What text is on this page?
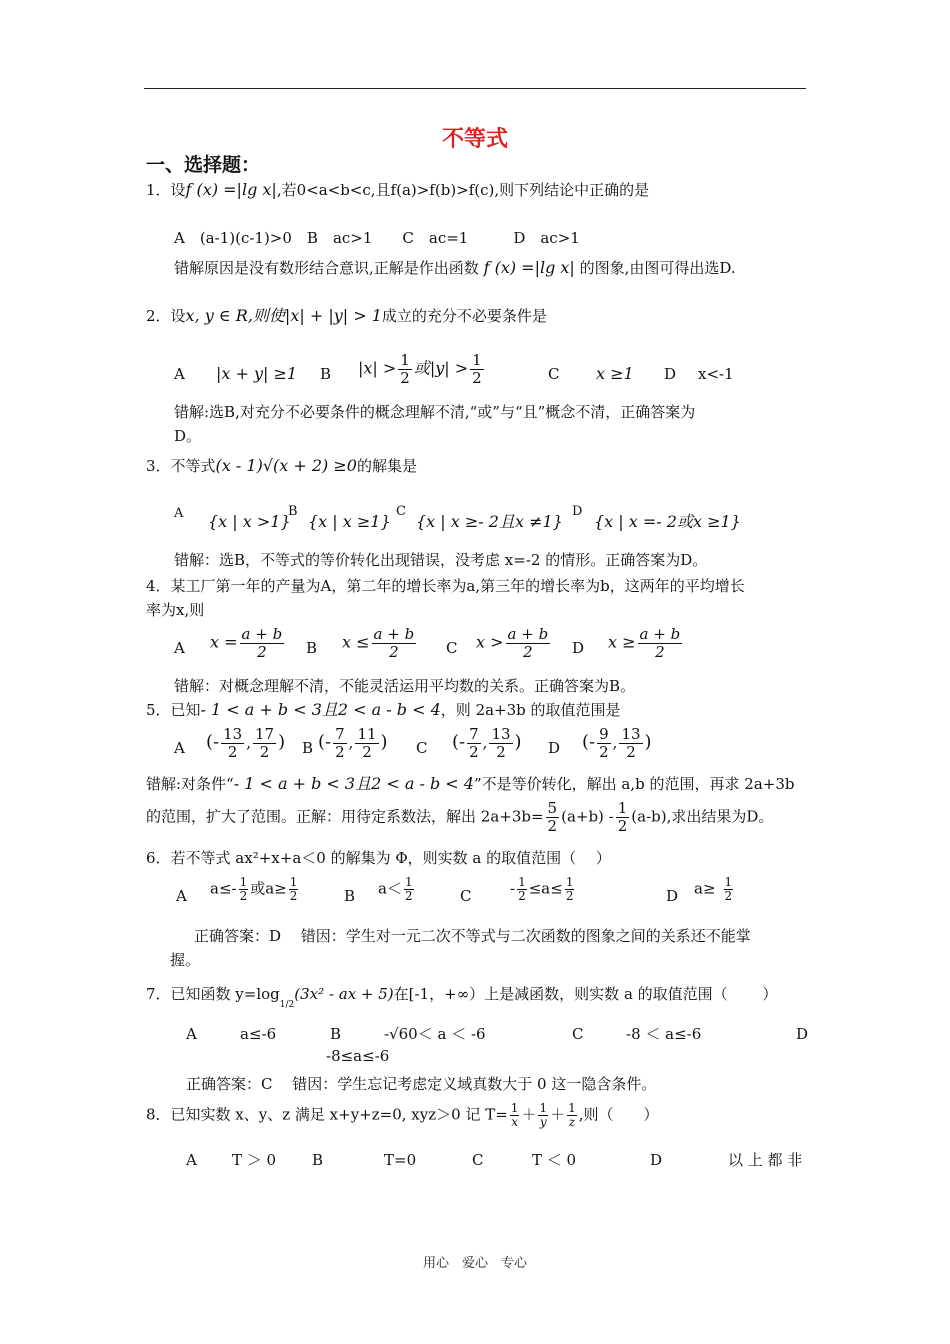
不等式
一、选择题：
1．设f (x) =|lg x|,若0<a<b<c,且f(a)>f(b)>f(c),则下列结论中正确的是
A　(a-1)(c-1)>0　B　ac>1　　C　ac=1　　　D　ac>1
错解原因是没有数形结合意识,正解是作出函数 f (x) =|lg x| 的图象,由图可得出选D.
2．设x, y ∈ R,则使|x| + |y| > 1成立的充分不必要条件是
A |x + y| ≥1 B $|x| > \frac{1}{2}$ 或$|y| > \frac{1}{2}$	C x ≥1 D x<-1
错解:选B,对充分不必要条件的概念理解不清,“或”与“且”概念不清，正确答案为
D。
3．不等式(x - 1)√(x + 2) ≥0的解集是
A {x | x >1}
B
{x | x ≥1}
C
{x | x ≥- 2且x ≠1}
D
{x | x =- 2或x ≥1}
错解：选B，不等式的等价转化出现错误，没考虑 x=-2 的情形。正确答案为D。
4．某工厂第一年的产量为A，第二年的增长率为a,第三年的增长率为b，这两年的平均增长
率为x,则
A $x = \frac{a + b}{2}$ B $x \le \frac{a + b}{2}$ C $x > \frac{a + b}{2}$ D $x \ge \frac{a + b}{2}$
错解：对概念理解不清，不能灵活运用平均数的关系。正确答案为B。
5．已知- 1 < a + b < 3且2 < a - b < 4，则 2a+3b 的取值范围是
A (- $\frac{13}{2}$ , $\frac{17}{2}$ ) B (- $\frac{7}{2}$ , $\frac{11}{2}$ ) C (- $\frac{7}{2}$ , $\frac{13}{2}$ ) D (- $\frac{9}{2}$ , $\frac{13}{2}$ )
错解:对条件“- 1 < a + b < 3且2 < a - b < 4”不是等价转化，解出 a,b 的范围，再求 2a+3b
的范围，扩大了范围。正解：用待定系数法，解出 $2a+3b= \frac{5}{2} (a+b) - \frac{1}{2} (a-b)$,求出结果为D。
6．若不等式 ax²+x+a＜0 的解集为 Φ，则实数 a 的取值范围（　 ）
A $a\le- \frac{1}{2}$ 或$a\ge \frac{1}{2}$	B $a< \frac{1}{2}$	C	- $\frac{1}{2} \le a\le \frac{1}{2}$	D $a\ge \frac{1}{2}$
正确答案：D　 错因：学生对一元二次不等式与二次函数的图象之间的关系还不能掌
握。
7．已知函数 $y=\log_{1/2}(3x^2$ - ax + 5)在[-1，+∞）上是减函数，则实数 a 的取值范围（　　 ）
A	a≤-6	B	-√60＜ a ＜ -6	C	-8 ＜ a≤-6	D
-8≤a≤-6
正确答案：C　 错因：学生忘记考虑定义域真数大于 0 这一隐含条件。
8．已知实数 x、y、z 满足 x+y+z=0, xyz＞0 记 $T= \frac{1}{x} + \frac{1}{y} + \frac{1}{z}$ ,则（　　）
A T ＞ 0 B	T=0	C	T ＜ 0	D	以 上 都 非
用心　爱心　专心
